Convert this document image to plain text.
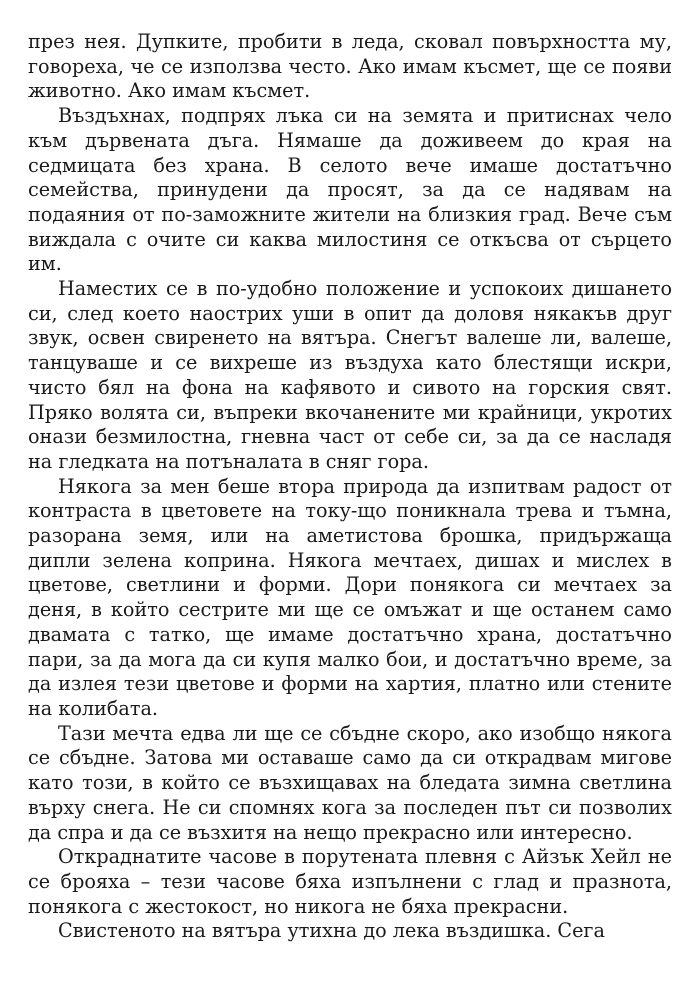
през нея. Дупките, пробити в леда, сковал повърхността му, говореха, че се използва често. Ако имам късмет, ще се появи животно. Ако имам късмет.

Въздъхнах, подпрях лъка си на земята и притиснах чело към дървената дъга. Нямаше да доживеем до края на седмицата без храна. В селото вече имаше достатъчно семейства, принудени да просят, за да се надявам на подаяния от по-заможните жители на близкия град. Вече съм виждала с очите си каква милостиня се откъсва от сърцето им.

Наместих се в по-удобно положение и успокоих дишането си, след което наострих уши в опит да доловя някакъв друг звук, освен свиренето на вятъра. Снегът валеше ли, валеше, танцуваше и се вихреше из въздуха като блестящи искри, чисто бял на фона на кафявото и сивото на горския свят. Пряко волята си, въпреки вкочанените ми крайници, укротих онази безмилостна, гневна част от себе си, за да се насладя на гледката на потъналата в сняг гора.

Някога за мен беше втора природа да изпитвам радост от контраста в цветовете на току-що поникнала трева и тъмна, разорана земя, или на аметистова брошка, придържаща дипли зелена коприна. Някога мечтаех, дишах и мислех в цветове, светлини и форми. Дори понякога си мечтаех за деня, в който сестрите ми ще се омъжат и ще останем само двамата с татко, ще имаме достатъчно храна, достатъчно пари, за да мога да си купя малко бои, и достатъчно време, за да излея тези цветове и форми на хартия, платно или стените на колибата.

Тази мечта едва ли ще се сбъдне скоро, ако изобщо някога се сбъдне. Затова ми оставаше само да си открадвам мигове като този, в който се възхищавах на бледата зимна светлина върху снега. Не си спомнях кога за последен път си позволих да спра и да се възхитя на нещо прекрасно или интересно.

Откраднатите часове в порутената плевня с Айзък Хейл не се брояха – тези часове бяха изпълнени с глад и празнота, понякога с жестокост, но никога не бяха прекрасни.

Свистеното на вятъра утихна до лека въздишка. Сега
